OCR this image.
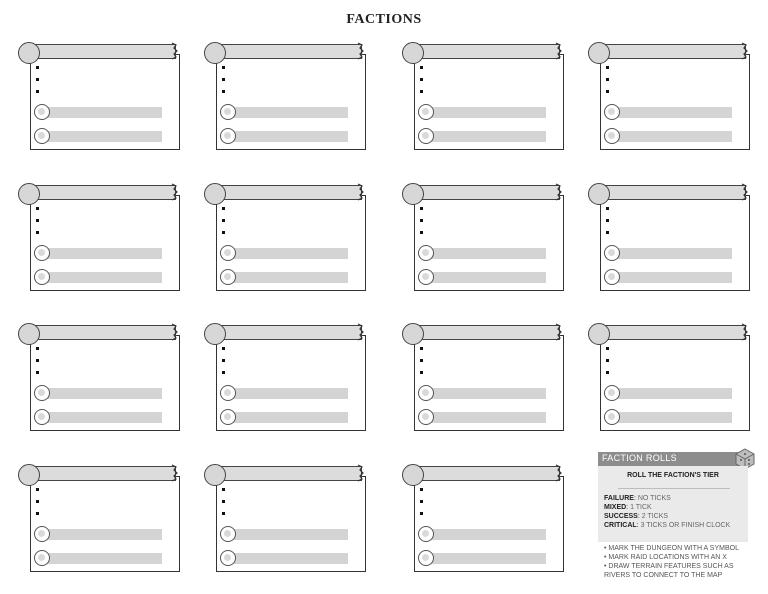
FACTIONS
FACTION ROLLS
ROLL THE FACTION'S TIER
FAILURE: NO TICKS
MIXED: 1 TICK
SUCCESS: 2 TICKS
CRITICAL: 3 TICKS OR FINISH CLOCK
• MARK THE DUNGEON WITH A SYMBOL
• MARK RAID LOCATIONS WITH AN X
• DRAW TERRAIN FEATURES SUCH AS RIVERS TO CONNECT TO THE MAP
